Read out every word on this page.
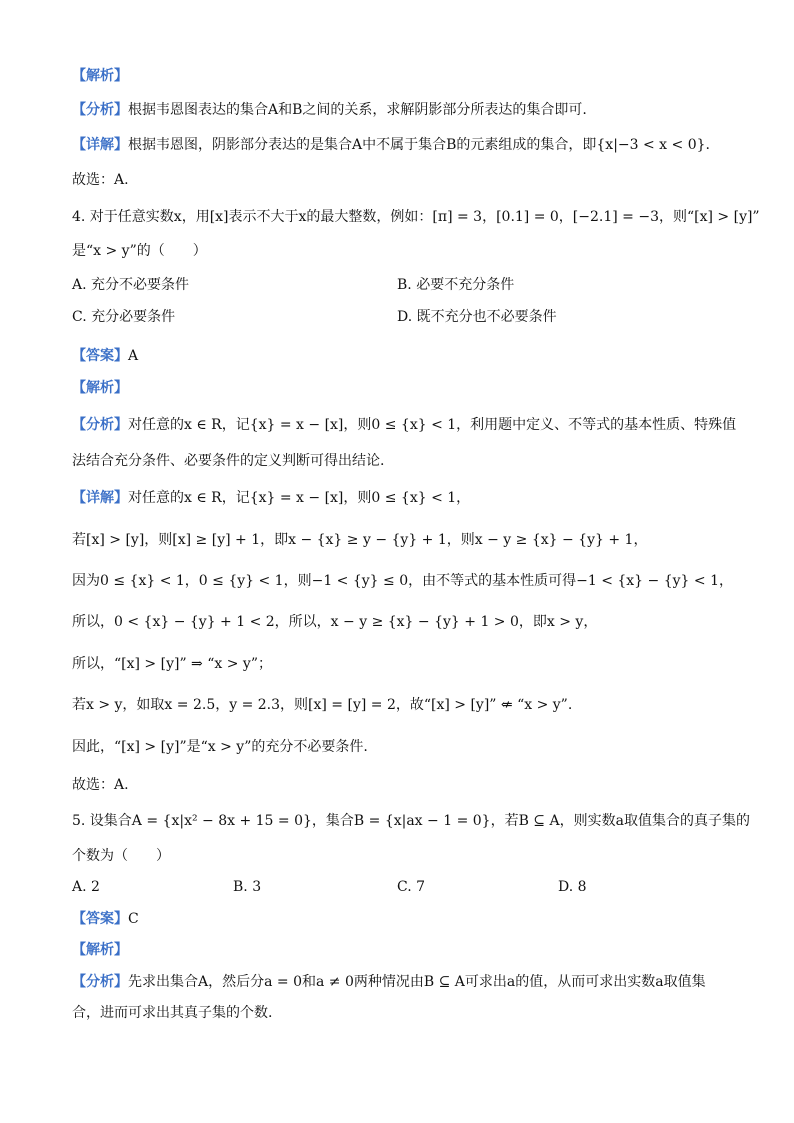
【解析】
【分析】根据韦恩图表达的集合A和B之间的关系，求解阴影部分所表达的集合即可.
【详解】根据韦恩图，阴影部分表达的是集合A中不属于集合B的元素组成的集合，即{x|−3 < x < 0}.
故选：A.
4. 对于任意实数x，用[x]表示不大于x的最大整数，例如：[π] = 3，[0.1] = 0，[−2.1] = −3，则“[x] > [y]”
是“x > y”的（　　）
A. 充分不必要条件	B. 必要不充分条件
C. 充分必要条件	D. 既不充分也不必要条件
【答案】A
【解析】
【分析】对任意的x ∈ R，记{x} = x − [x]，则0 ≤ {x} < 1，利用题中定义、不等式的基本性质、特殊值
法结合充分条件、必要条件的定义判断可得出结论.
【详解】对任意的x ∈ R，记{x} = x − [x]，则0 ≤ {x} < 1，
若[x] > [y]，则[x] ≥ [y] + 1，即x − {x} ≥ y − {y} + 1，则x − y ≥ {x} − {y} + 1，
因为0 ≤ {x} < 1，0 ≤ {y} < 1，则−1 < {y} ≤ 0，由不等式的基本性质可得−1 < {x} − {y} < 1，
所以，0 < {x} − {y} + 1 < 2，所以，x − y ≥ {x} − {y} + 1 > 0，即x > y，
所以，“[x] > [y]” ⇒ “x > y”；
若x > y，如取x = 2.5，y = 2.3，则[x] = [y] = 2，故“[x] > [y]” ⇍ “x > y”.
因此，“[x] > [y]”是“x > y”的充分不必要条件.
故选：A.
5. 设集合A = {x|x² − 8x + 15 = 0}，集合B = {x|ax − 1 = 0}，若B ⊆ A，则实数a取值集合的真子集的
个数为（　　）
A. 2	B. 3	C. 7	D. 8
【答案】C
【解析】
【分析】先求出集合A，然后分a = 0和a ≠ 0两种情况由B ⊆ A可求出a的值，从而可求出实数a取值集
合，进而可求出其真子集的个数.
